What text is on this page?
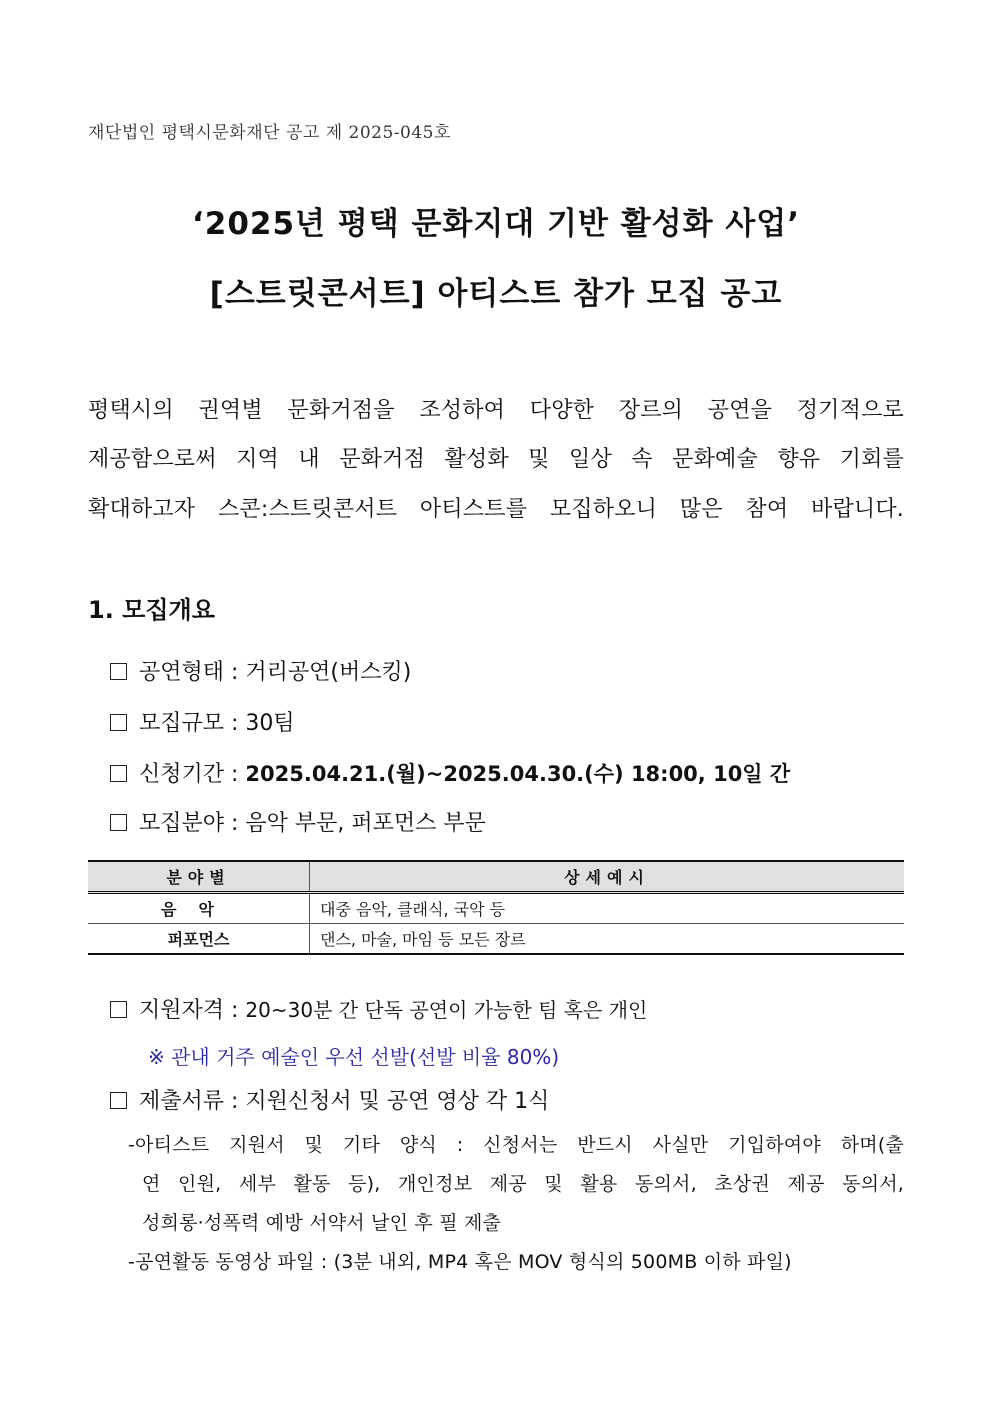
재단법인 평택시문화재단 공고 제 2025-045호
‘2025년 평택 문화지대 기반 활성화 사업’
[스트릿콘서트] 아티스트 참가 모집 공고
평택시의 권역별 문화거점을 조성하여 다양한 장르의 공연을 정기적으로
제공함으로써 지역 내 문화거점 활성화 및 일상 속 문화예술 향유 기회를
확대하고자 스콘:스트릿콘서트 아티스트를 모집하오니 많은 참여 바랍니다.
1. 모집개요
공연형태 : 거리공연(버스킹)
모집규모 : 30팀
신청기간 : 2025.04.21.(월)~2025.04.30.(수) 18:00, 10일 간
모집분야 : 음악 부문, 퍼포먼스 부문
분야별	상세예시
음악	대중 음악, 클래식, 국악 등
퍼포먼스	댄스, 마술, 마임 등 모든 장르
지원자격 : 20~30분 간 단독 공연이 가능한 팀 혹은 개인
※ 관내 거주 예술인 우선 선발(선발 비율 80%)
제출서류 : 지원신청서 및 공연 영상 각 1식
-아티스트 지원서 및 기타 양식 : 신청서는 반드시 사실만 기입하여야 하며(출
연 인원, 세부 활동 등), 개인정보 제공 및 활용 동의서, 초상권 제공 동의서,
성희롱·성폭력 예방 서약서 날인 후 필 제출
-공연활동 동영상 파일 : (3분 내외, MP4 혹은 MOV 형식의 500MB 이하 파일)
